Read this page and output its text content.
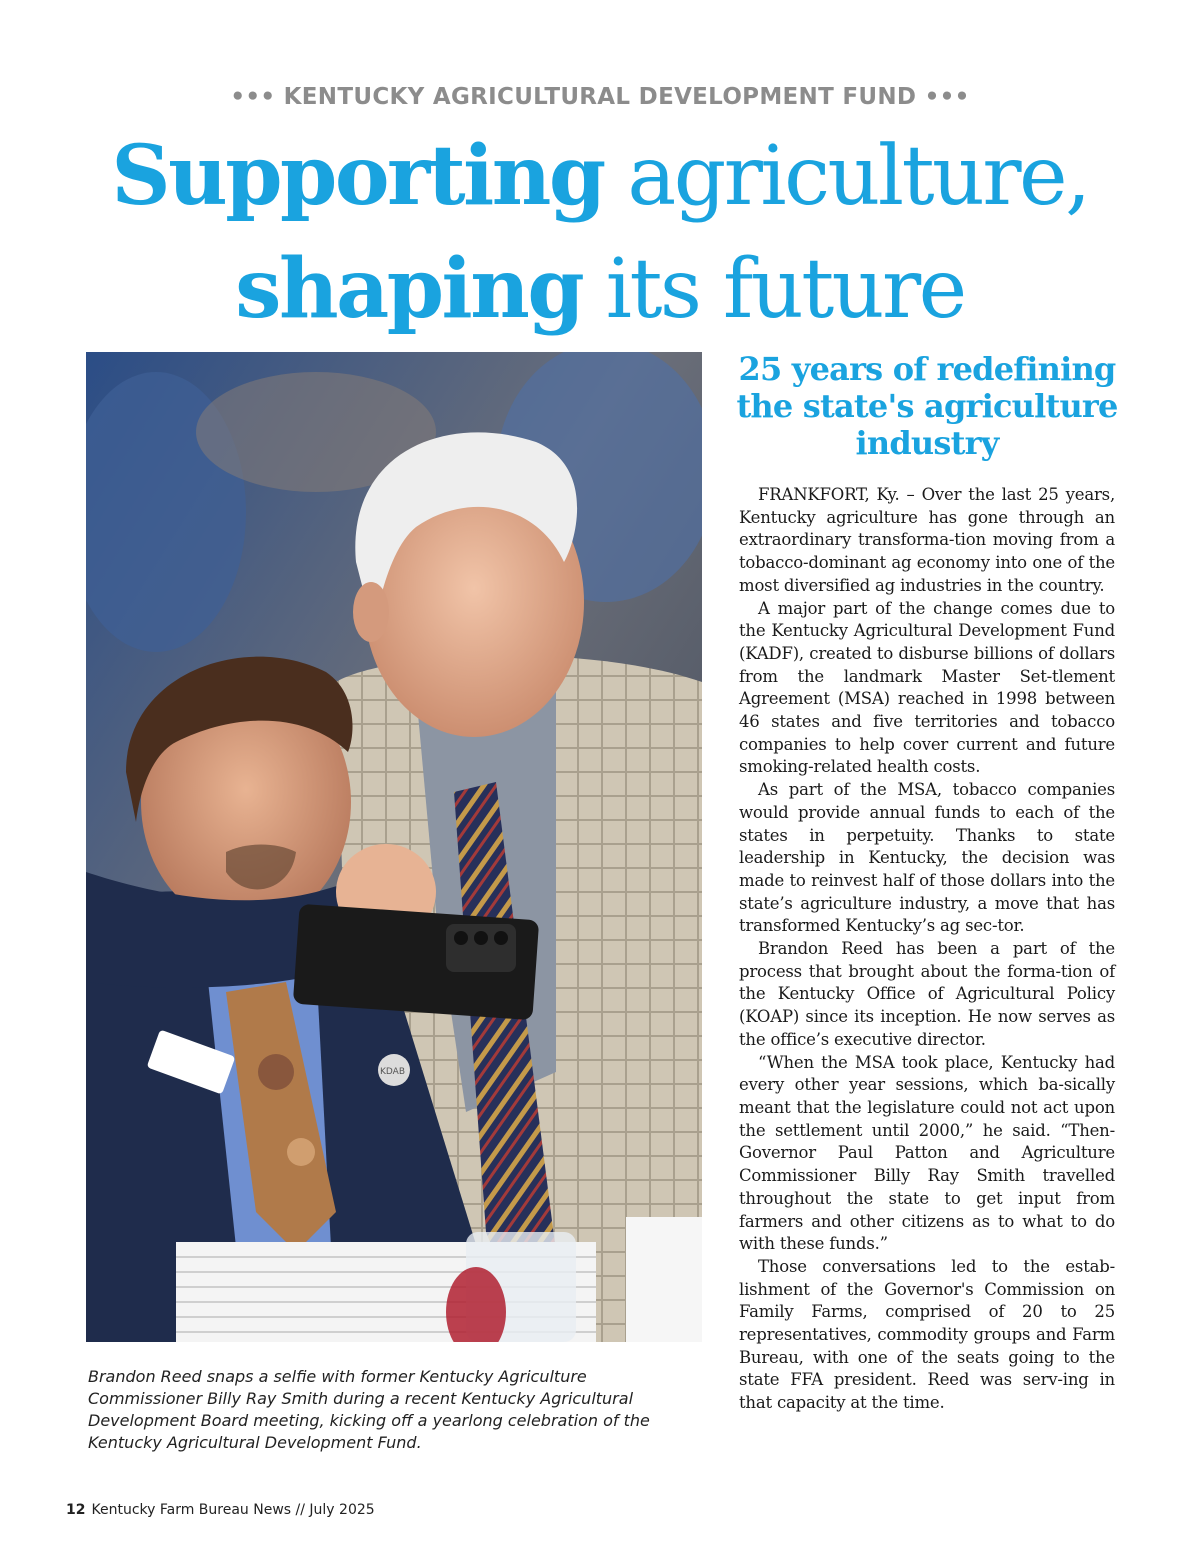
••• KENTUCKY AGRICULTURAL DEVELOPMENT FUND •••
Supporting agriculture,
shaping its future
KDAB
Brandon Reed snaps a selfie with former Kentucky Agriculture Commissioner Billy Ray Smith during a recent Kentucky Agricultural Development Board meeting, kicking off a yearlong celebration of the Kentucky Agricultural Development Fund.
25 years of redefining the state's agriculture industry

FRANKFORT, Ky. – Over the last 25 years, Kentucky agriculture has gone through an extraordinary transforma-tion moving from a tobacco-dominant ag economy into one of the most diversified ag industries in the country.

A major part of the change comes due to the Kentucky Agricultural Development Fund (KADF), created to disburse billions of dollars from the landmark Master Set-tlement Agreement (MSA) reached in 1998 between 46 states and five territories and tobacco companies to help cover current and future smoking-related health costs.

As part of the MSA, tobacco companies would provide annual funds to each of the states in perpetuity. Thanks to state leadership in Kentucky, the decision was made to reinvest half of those dollars into the state’s agriculture industry, a move that has transformed Kentucky’s ag sec-tor.

Brandon Reed has been a part of the process that brought about the forma-tion of the Kentucky Office of Agricultural Policy (KOAP) since its inception. He now serves as the office’s executive director.

“When the MSA took place, Kentucky had every other year sessions, which ba-sically meant that the legislature could not act upon the settlement until 2000,” he said. “Then-Governor Paul Patton and Agriculture Commissioner Billy Ray Smith travelled throughout the state to get input from farmers and other citizens as to what to do with these funds.”

Those conversations led to the estab-lishment of the Governor's Commission on Family Farms, comprised of 20 to 25 representatives, commodity groups and Farm Bureau, with one of the seats going to the state FFA president. Reed was serv-ing in that capacity at the time.

12 Kentucky Farm Bureau News // July 2025
